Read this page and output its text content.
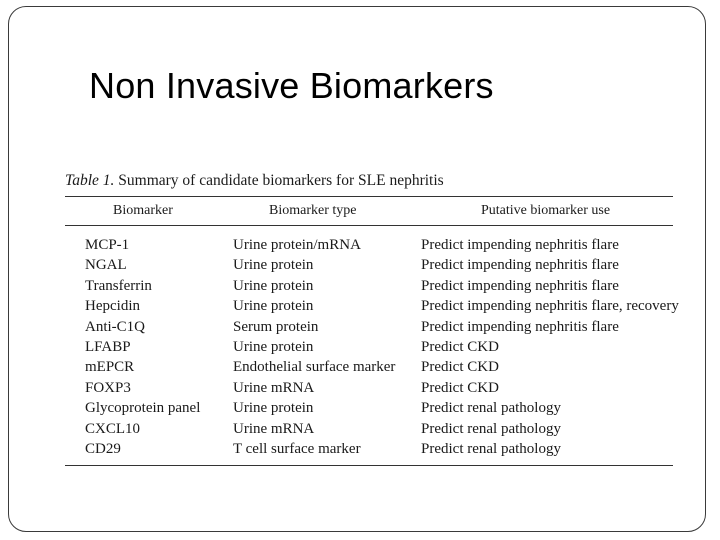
Non Invasive Biomarkers

Table 1. Summary of candidate biomarkers for SLE nephritis

Biomarker	Biomarker type	Putative biomarker use
MCP-1	Urine protein/mRNA	Predict impending nephritis flare
NGAL	Urine protein	Predict impending nephritis flare
Transferrin	Urine protein	Predict impending nephritis flare
Hepcidin	Urine protein	Predict impending nephritis flare, recovery
Anti-C1Q	Serum protein	Predict impending nephritis flare
LFABP	Urine protein	Predict CKD
mEPCR	Endothelial surface marker	Predict CKD
FOXP3	Urine mRNA	Predict CKD
Glycoprotein panel	Urine protein	Predict renal pathology
CXCL10	Urine mRNA	Predict renal pathology
CD29	T cell surface marker	Predict renal pathology
